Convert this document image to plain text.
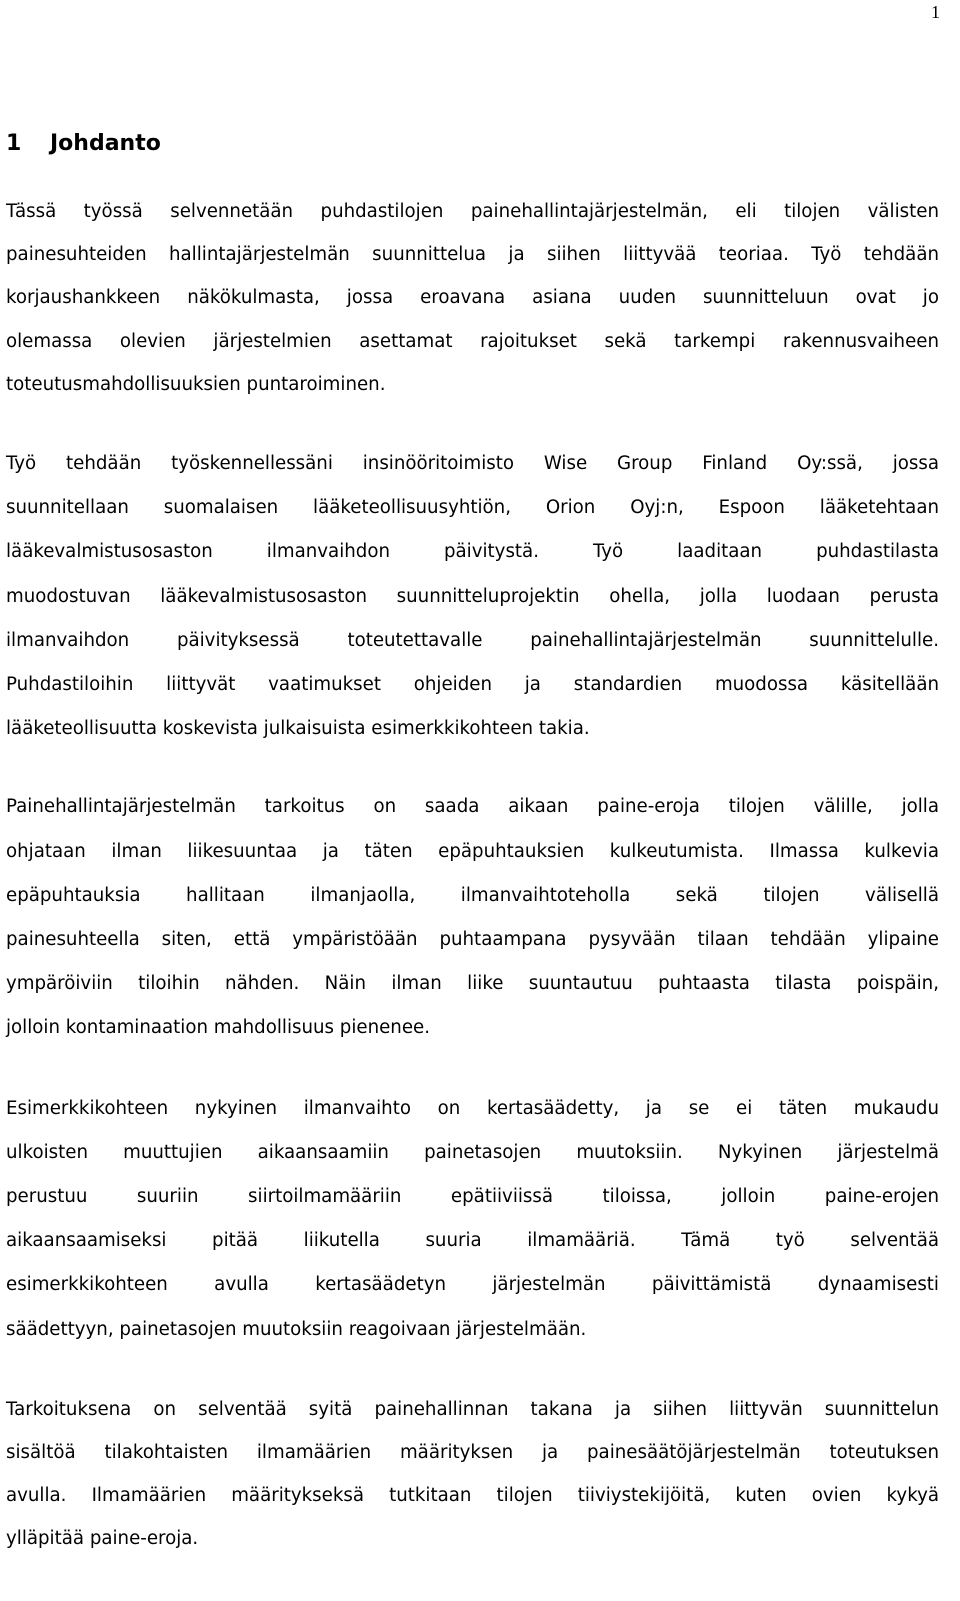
1
1 Johdanto

Tässä työssä selvennetään puhdastilojen painehallintajärjestelmän, eli tilojen välisten
painesuhteiden hallintajärjestelmän suunnittelua ja siihen liittyvää teoriaa. Työ tehdään
korjaushankkeen näkökulmasta, jossa eroavana asiana uuden suunnitteluun ovat jo
olemassa olevien järjestelmien asettamat rajoitukset sekä tarkempi rakennusvaiheen
toteutusmahdollisuuksien puntaroiminen.

Työ tehdään työskennellessäni insinööritoimisto Wise Group Finland Oy:ssä, jossa
suunnitellaan suomalaisen lääketeollisuusyhtiön, Orion Oyj:n, Espoon lääketehtaan
lääkevalmistusosaston ilmanvaihdon päivitystä. Työ laaditaan puhdastilasta
muodostuvan lääkevalmistusosaston suunnitteluprojektin ohella, jolla luodaan perusta
ilmanvaihdon päivityksessä toteutettavalle painehallintajärjestelmän suunnittelulle.
Puhdastiloihin liittyvät vaatimukset ohjeiden ja standardien muodossa käsitellään
lääketeollisuutta koskevista julkaisuista esimerkkikohteen takia.

Painehallintajärjestelmän tarkoitus on saada aikaan paine-eroja tilojen välille, jolla
ohjataan ilman liikesuuntaa ja täten epäpuhtauksien kulkeutumista. Ilmassa kulkevia
epäpuhtauksia hallitaan ilmanjaolla, ilmanvaihtoteholla sekä tilojen välisellä
painesuhteella siten, että ympäristöään puhtaampana pysyvään tilaan tehdään ylipaine
ympäröiviin tiloihin nähden. Näin ilman liike suuntautuu puhtaasta tilasta poispäin,
jolloin kontaminaation mahdollisuus pienenee.

Esimerkkikohteen nykyinen ilmanvaihto on kertasäädetty, ja se ei täten mukaudu
ulkoisten muuttujien aikaansaamiin painetasojen muutoksiin. Nykyinen järjestelmä
perustuu suuriin siirtoilmamääriin epätiiviissä tiloissa, jolloin paine-erojen
aikaansaamiseksi pitää liikutella suuria ilmamääriä. Tämä työ selventää
esimerkkikohteen avulla kertasäädetyn järjestelmän päivittämistä dynaamisesti
säädettyyn, painetasojen muutoksiin reagoivaan järjestelmään.

Tarkoituksena on selventää syitä painehallinnan takana ja siihen liittyvän suunnittelun
sisältöä tilakohtaisten ilmamäärien määrityksen ja painesäätöjärjestelmän toteutuksen
avulla. Ilmamäärien määritykseksä tutkitaan tilojen tiiviystekijöitä, kuten ovien kykyä
ylläpitää paine-eroja.
